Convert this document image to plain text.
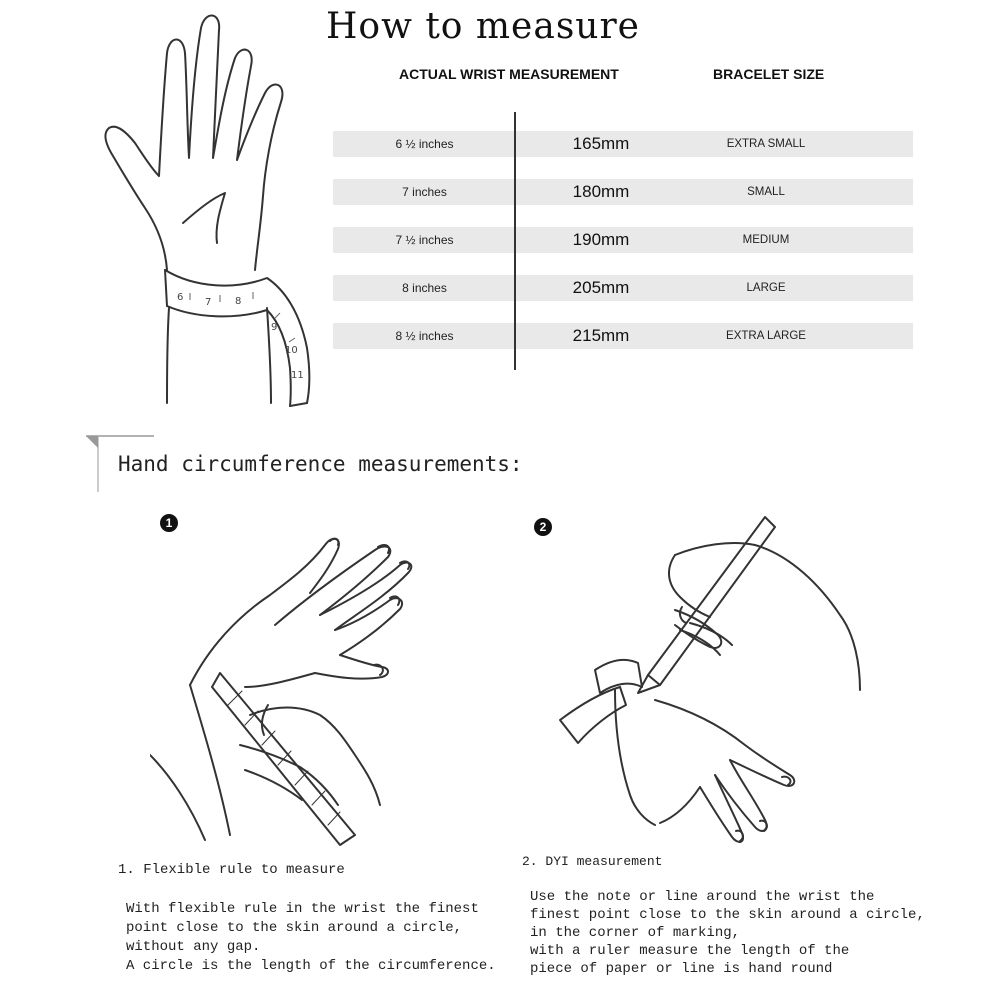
How to measure
6 7 8
9
10
11
ACTUAL WRIST MEASUREMENT	BRACELET SIZE
6 ½ inches	165mm	EXTRA SMALL
7 inches	180mm	SMALL
7 ½ inches	190mm	MEDIUM
8 inches	205mm	LARGE
8 ½ inches	215mm	EXTRA LARGE
Hand circumference measurements:
1	2
1. Flexible rule to measure
With flexible rule in the wrist the finest
point close to the skin around a circle,
without any gap.
A circle is the length of the circumference.
2. DYI measurement
Use the note or line around the wrist the
finest point close to the skin around a circle,
in the corner of marking,
with a ruler measure the length of the
piece of paper or line is hand round
